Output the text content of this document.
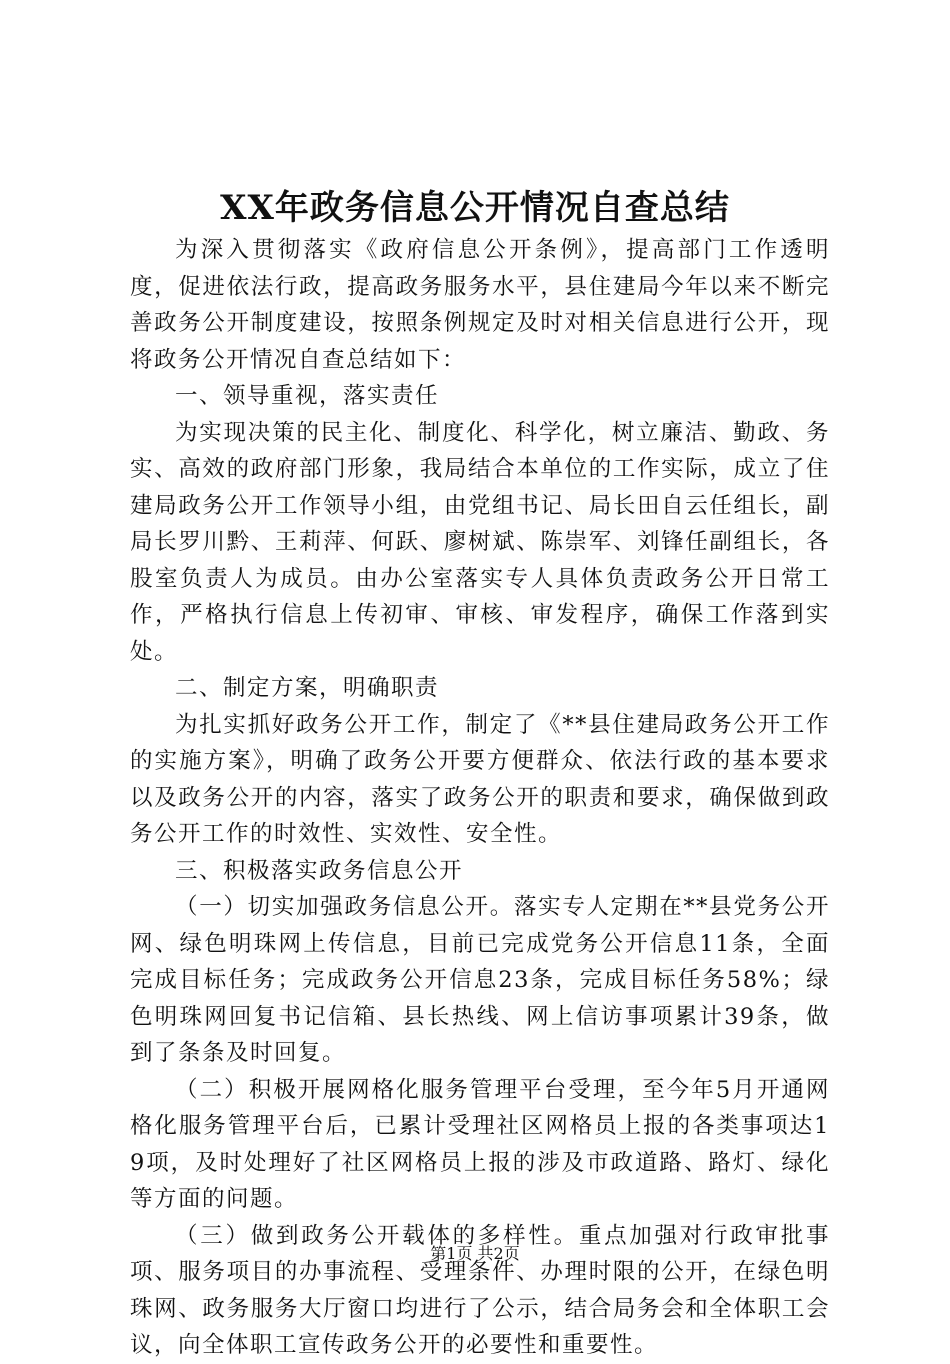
XX年政务信息公开情况自查总结

为深入贯彻落实《政府信息公开条例》，提高部门工作透明度，促进依法行政，提高政务服务水平，县住建局今年以来不断完善政务公开制度建设，按照条例规定及时对相关信息进行公开，现将政务公开情况自查总结如下：

一、领导重视，落实责任

为实现决策的民主化、制度化、科学化，树立廉洁、勤政、务实、高效的政府部门形象，我局结合本单位的工作实际，成立了住建局政务公开工作领导小组，由党组书记、局长田自云任组长，副局长罗川黔、王莉萍、何跃、廖树斌、陈崇军、刘锋任副组长，各股室负责人为成员。由办公室落实专人具体负责政务公开日常工作，严格执行信息上传初审、审核、审发程序，确保工作落到实处。

二、制定方案，明确职责

为扎实抓好政务公开工作，制定了《**县住建局政务公开工作的实施方案》，明确了政务公开要方便群众、依法行政的基本要求以及政务公开的内容，落实了政务公开的职责和要求，确保做到政务公开工作的时效性、实效性、安全性。

三、积极落实政务信息公开

（一）切实加强政务信息公开。落实专人定期在**县党务公开网、绿色明珠网上传信息，目前已完成党务公开信息11条，全面完成目标任务；完成政务公开信息23条，完成目标任务58%；绿色明珠网回复书记信箱、县长热线、网上信访事项累计39条，做到了条条及时回复。

（二）积极开展网格化服务管理平台受理，至今年5月开通网格化服务管理平台后，已累计受理社区网格员上报的各类事项达19项，及时处理好了社区网格员上报的涉及市政道路、路灯、绿化等方面的问题。

（三）做到政务公开载体的多样性。重点加强对行政审批事项、服务项目的办事流程、受理条件、办理时限的公开，在绿色明珠网、政务服务大厅窗口均进行了公示，结合局务会和全体职工会议，向全体职工宣传政务公开的必要性和重要性。

第1页 共2页
